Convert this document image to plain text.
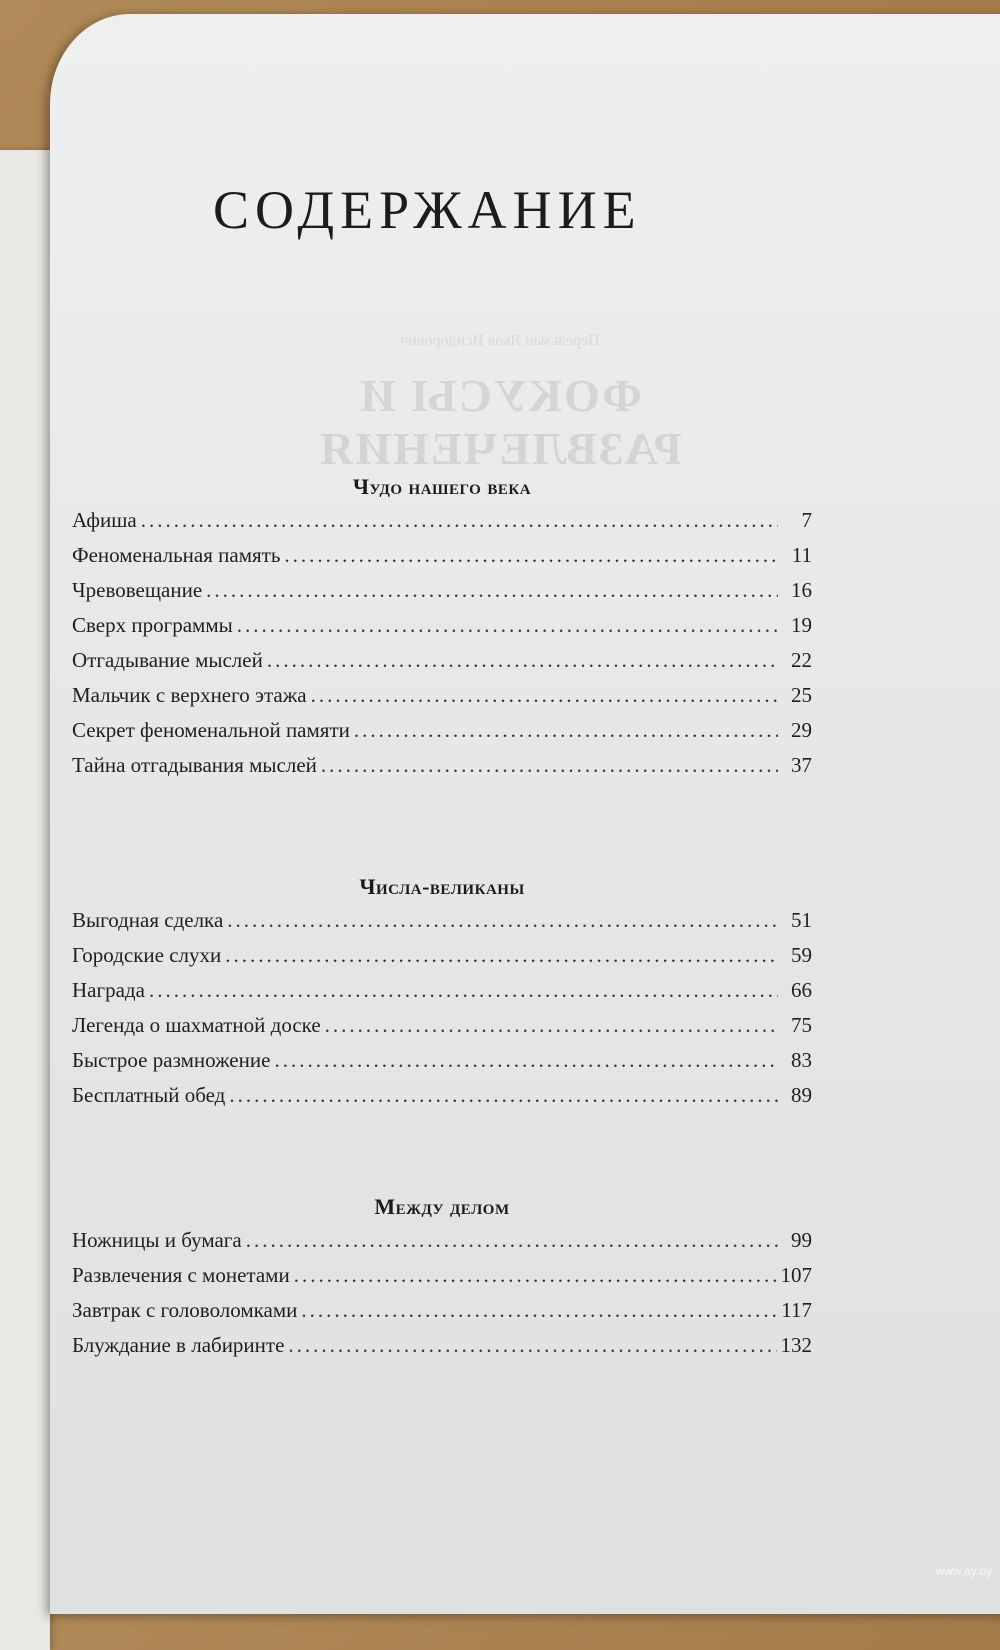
Перельман Яков Исидорович
ФОКУСЫ И РАЗВЛЕЧЕНИЯ
СОДЕРЖАНИЕ
Чудо нашего века
Афиша .....	7
Феноменальная память .....	11
Чревовещание .....	16
Сверх программы .....	19
Отгадывание мыслей .....	22
Мальчик с верхнего этажа .....	25
Секрет феноменальной памяти .....	29
Тайна отгадывания мыслей .....	37
Числа-великаны
Выгодная сделка .....	51
Городские слухи .....	59
Награда .....	66
Легенда о шахматной доске .....	75
Быстрое размножение .....	83
Бесплатный обед .....	89
Между делом
Ножницы и бумага .....	99
Развлечения с монетами .....	107
Завтрак с головоломками .....	117
Блуждание в лабиринте .....	132
www.ay.by
